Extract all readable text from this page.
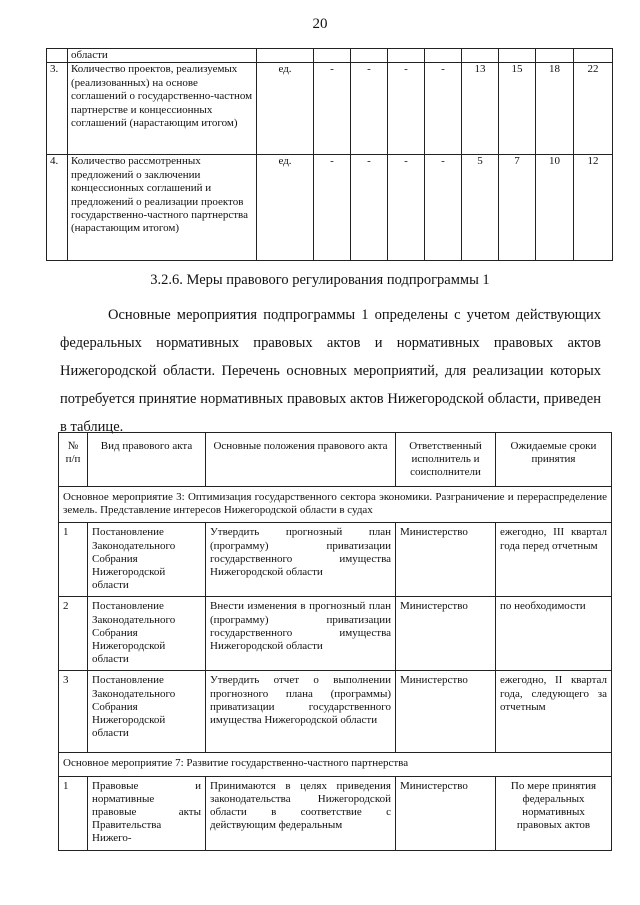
20
	области									
3.	Количество проектов, реализуемых (реализованных) на основе соглашений о государственно-частном партнерстве и концессионных соглашений (нарастающим итогом)	ед.	-	-	-	-	13	15	18	22
4.	Количество рассмотренных предложений о заключении концессионных соглашений и предложений о реализации проектов государственно-частного партнерства (нарастающим итогом)	ед.	-	-	-	-	5	7	10	12
3.2.6. Меры правового регулирования подпрограммы 1

Основные мероприятия подпрограммы 1 определены с учетом действующих федеральных нормативных правовых актов и нормативных правовых актов Нижегородской области. Перечень основных мероприятий, для реализации которых потребуется принятие нормативных правовых актов Нижегородской области, приведен в таблице.

№ п/п	Вид правового акта	Основные положения правового акта	Ответственный исполнитель и соисполнители	Ожидаемые сроки принятия
Основное мероприятие 3: Оптимизация государственного сектора экономики. Разграничение и перераспределение земель. Представление интересов Нижегородской области в судах				
1	Постановление Законодательного Собрания Нижегородской области	Утвердить прогнозный план (программу) приватизации государственного имущества Нижегородской области	Министерство	ежегодно, III квартал года перед отчетным
2	Постановление Законодательного Собрания Нижегородской области	Внести изменения в прогнозный план (программу) приватизации государственного имущества Нижегородской области	Министерство	по необходимости
3	Постановление Законодательного Собрания Нижегородской области	Утвердить отчет о выполнении прогнозного плана (программы) приватизации государственного имущества Нижегородской области	Министерство	ежегодно, II квартал года, следующего за отчетным
Основное мероприятие 7: Развитие государственно-частного партнерства				
1	Правовые и нормативные правовые акты Правительства Нижего-	Принимаются в целях приведения законодательства Нижегородской области в соответствие с действующим федеральным	Министерство	По мере принятия федеральных нормативных правовых актов
